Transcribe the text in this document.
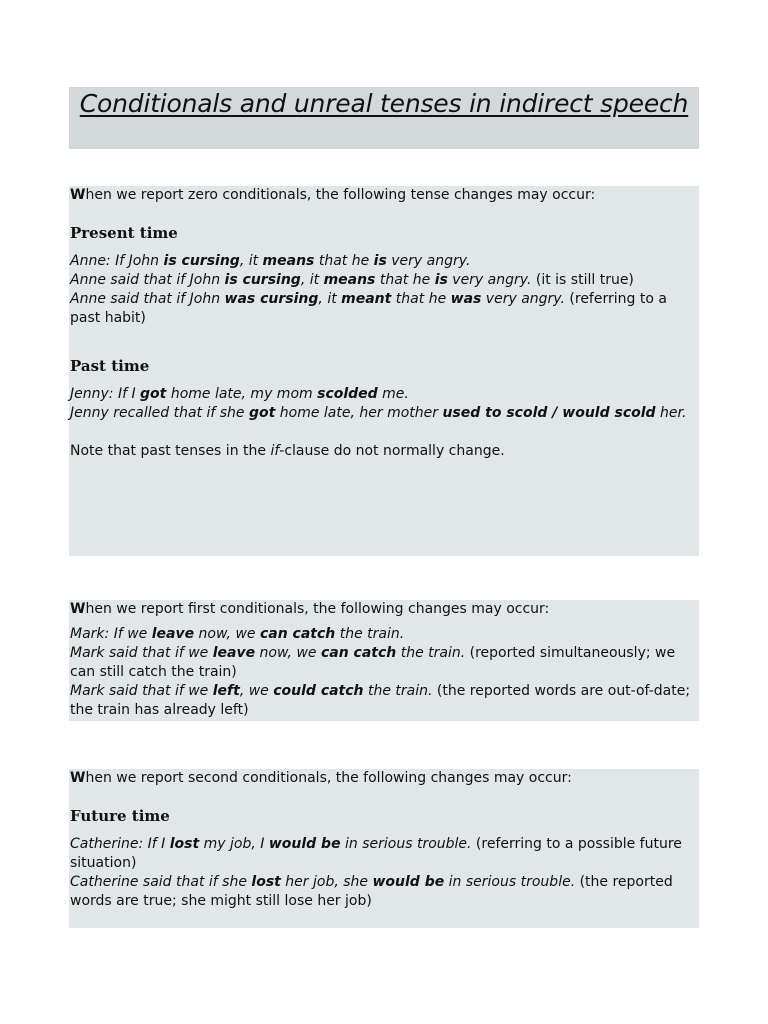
Conditionals and unreal tenses in indirect speech

When we report zero conditionals, the following tense changes may occur:

Present time

Anne: If John is cursing, it means that he is very angry.

Anne said that if John is cursing, it means that he is very angry. (it is still true)

Anne said that if John was cursing, it meant that he was very angry. (referring to a past habit)

Past time

Jenny: If I got home late, my mom scolded me.

Jenny recalled that if she got home late, her mother used to scold / would scold her.

Note that past tenses in the if-clause do not normally change.

When we report first conditionals, the following changes may occur:

Mark: If we leave now, we can catch the train.

Mark said that if we leave now, we can catch the train. (reported simultaneously; we can still catch the train)

Mark said that if we left, we could catch the train. (the reported words are out-of-date; the train has already left)

When we report second conditionals, the following changes may occur:

Future time

Catherine: If I lost my job, I would be in serious trouble. (referring to a possible future situation)

Catherine said that if she lost her job, she would be in serious trouble. (the reported words are true; she might still lose her job)
